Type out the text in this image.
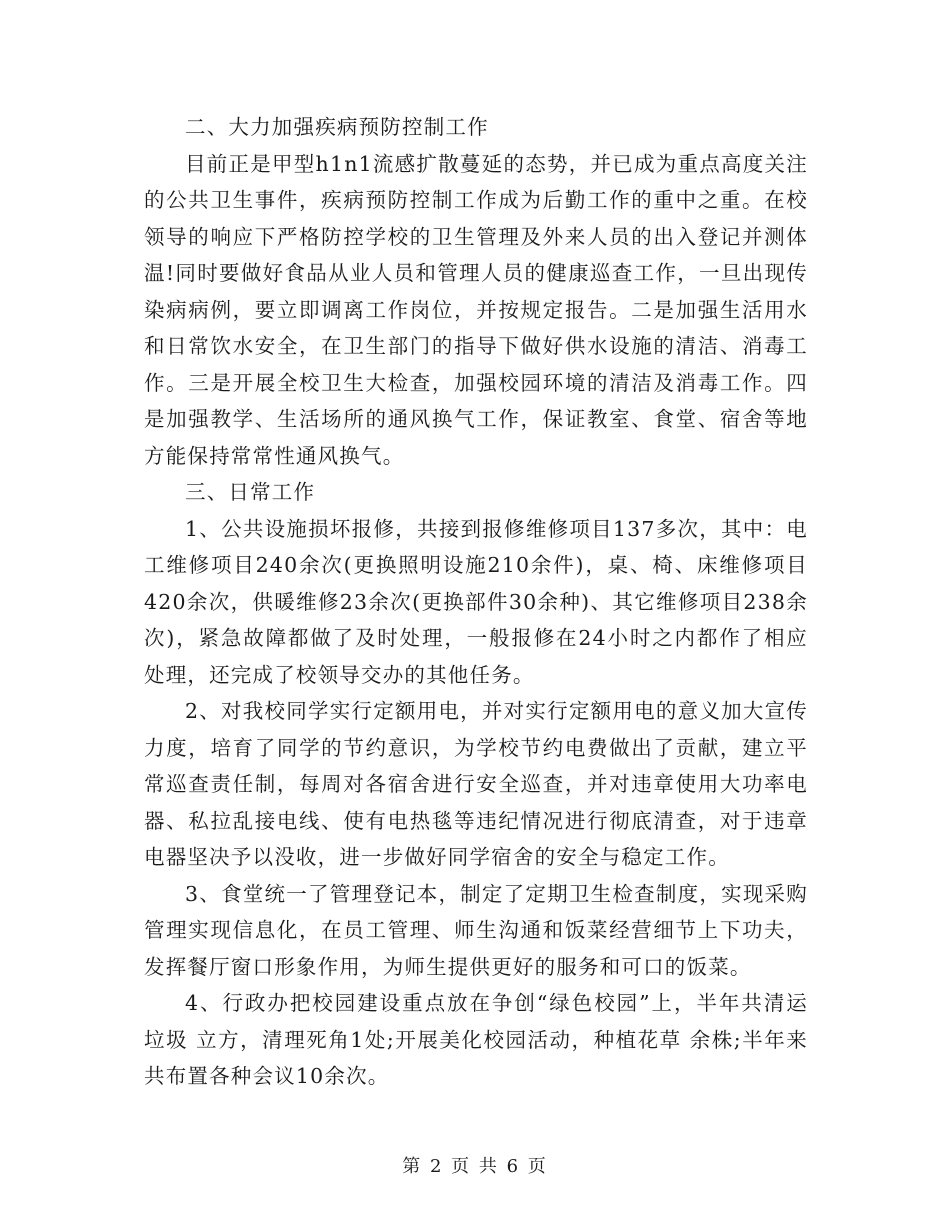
二、大力加强疾病预防控制工作

目前正是甲型h1n1流感扩散蔓延的态势，并已成为重点高度关注的公共卫生事件，疾病预防控制工作成为后勤工作的重中之重。在校领导的响应下严格防控学校的卫生管理及外来人员的出入登记并测体温!同时要做好食品从业人员和管理人员的健康巡查工作，一旦出现传染病病例，要立即调离工作岗位，并按规定报告。二是加强生活用水和日常饮水安全，在卫生部门的指导下做好供水设施的清洁、消毒工作。三是开展全校卫生大检查，加强校园环境的清洁及消毒工作。四是加强教学、生活场所的通风换气工作，保证教室、食堂、宿舍等地方能保持常常性通风换气。

三、日常工作

1、公共设施损坏报修，共接到报修维修项目137多次，其中：电工维修项目240余次(更换照明设施210余件)，桌、椅、床维修项目420余次，供暖维修23余次(更换部件30余种)、其它维修项目238余次)，紧急故障都做了及时处理，一般报修在24小时之内都作了相应处理，还完成了校领导交办的其他任务。

2、对我校同学实行定额用电，并对实行定额用电的意义加大宣传力度，培育了同学的节约意识，为学校节约电费做出了贡献，建立平常巡查责任制，每周对各宿舍进行安全巡查，并对违章使用大功率电器、私拉乱接电线、使有电热毯等违纪情况进行彻底清查，对于违章电器坚决予以没收，进一步做好同学宿舍的安全与稳定工作。

3、食堂统一了管理登记本，制定了定期卫生检查制度，实现采购管理实现信息化，在员工管理、师生沟通和饭菜经营细节上下功夫，发挥餐厅窗口形象作用，为师生提供更好的服务和可口的饭菜。

4、行政办把校园建设重点放在争创“绿色校园”上，半年共清运垃圾 立方，清理死角1处;开展美化校园活动，种植花草 余株;半年来共布置各种会议10余次。

第 2 页 共 6 页
